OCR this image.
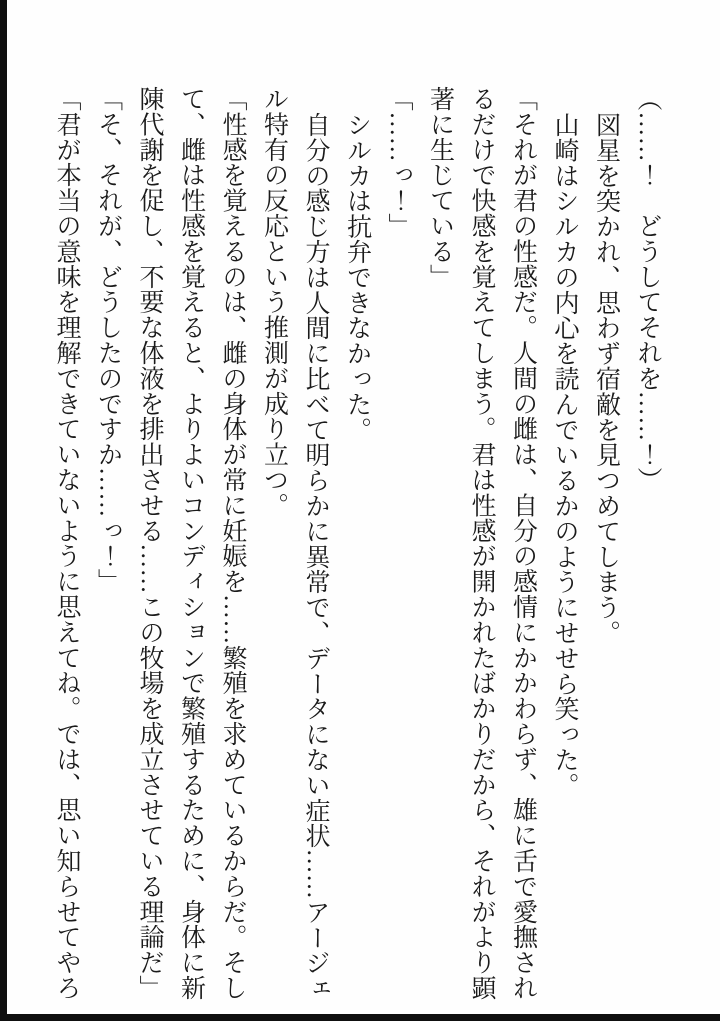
（……！　どうしてそれを……！）
図星を突かれ、思わず宿敵を見つめてしまう。
山崎はシルカの内心を読んでいるかのようにせせら笑った。
「それが君の性感だ。人間の雌は、自分の感情にかかわらず、雄に舌で愛撫され
るだけで快感を覚えてしまう。君は性感が開かれたばかりだから、それがより顕
著に生じている」
「……っ！」
シルカは抗弁できなかった。
自分の感じ方は人間に比べて明らかに異常で、データにない症状……アージェ
ル特有の反応という推測が成り立つ。
「性感を覚えるのは、雌の身体が常に妊娠を……繁殖を求めているからだ。そし
て、雌は性感を覚えると、よりよいコンディションで繁殖するために、身体に新
陳代謝を促し、不要な体液を排出させる……この牧場を成立させている理論だ」
「そ、それが、どうしたのですか……っ！」
「君が本当の意味を理解できていないように思えてね。では、思い知らせてやろ
